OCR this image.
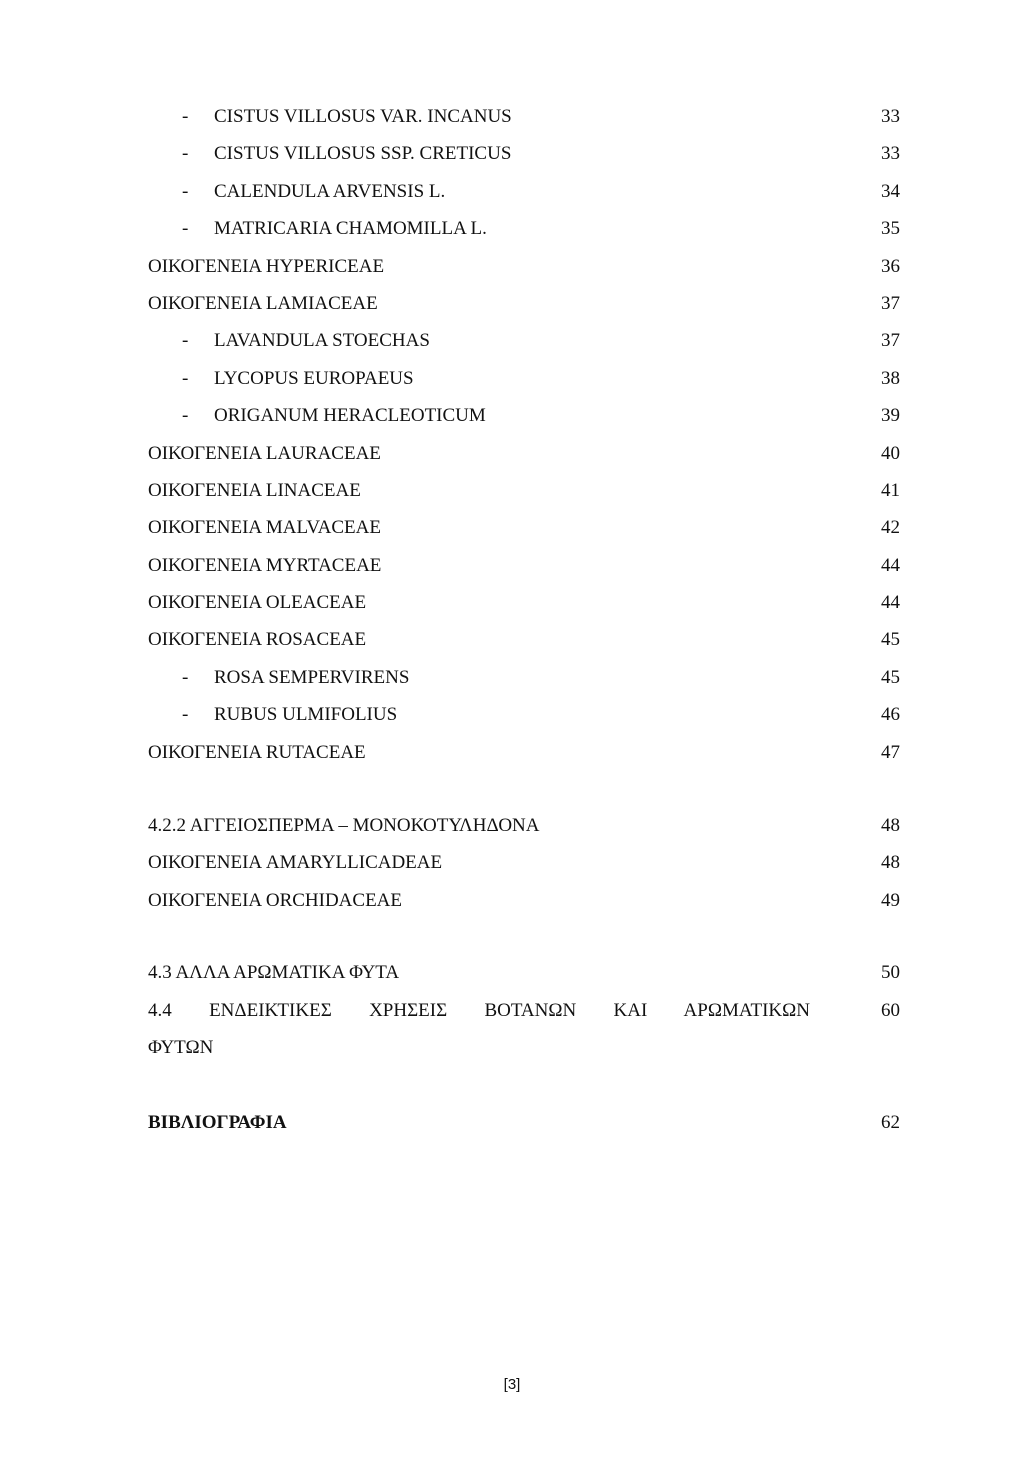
- CISTUS VILLOSUS VAR. INCANUS	33
- CISTUS VILLOSUS SSP. CRETICUS	33
- CALENDULA ARVENSIS L.	34
- MATRICARIA CHAMOMILLA L.	35
ΟΙΚΟΓΕΝΕΙΑ HYPERICEAE	36
ΟΙΚΟΓΕΝΕΙΑ LAMIACEAE	37
- LAVANDULA STOECHAS	37
- LYCOPUS EUROPAEUS	38
- ORIGANUM HERACLEOTICUM	39
ΟΙΚΟΓΕΝΕΙΑ LAURACEAE	40
ΟΙΚΟΓΕΝΕΙΑ LINACEAE	41
ΟΙΚΟΓΕΝΕΙΑ MALVACEAE	42
ΟΙΚΟΓΕΝΕΙΑ MYRTACEAE	44
ΟΙΚΟΓΕΝΕΙΑ OLEACEAE	44
ΟΙΚΟΓΕΝΕΙΑ ROSACEAE	45
- ROSA SEMPERVIRENS	45
- RUBUS ULMIFOLIUS	46
ΟΙΚΟΓΕΝΕΙΑ RUTACEAE	47
4.2.2 ΑΓΓΕΙΟΣΠΕΡΜΑ – ΜΟΝΟΚΟΤΥΛΗΔΟΝΑ	48
ΟΙΚΟΓΕΝΕΙΑ AMARYLLICADEAE	48
ΟΙΚΟΓΕΝΕΙΑ ORCHIDACEAE	49
4.3 ΑΛΛΑ ΑΡΩΜΑΤΙΚΑ ΦΥΤΑ	50
4.4 ΕΝΔΕΙΚΤΙΚΕΣ ΧΡΗΣΕΙΣ ΒΟΤΑΝΩΝ ΚΑΙ ΑΡΩΜΑΤΙΚΩΝ	60
ΦΥΤΩΝ
ΒΙΒΛΙΟΓΡΑΦΙΑ	62
[3]
